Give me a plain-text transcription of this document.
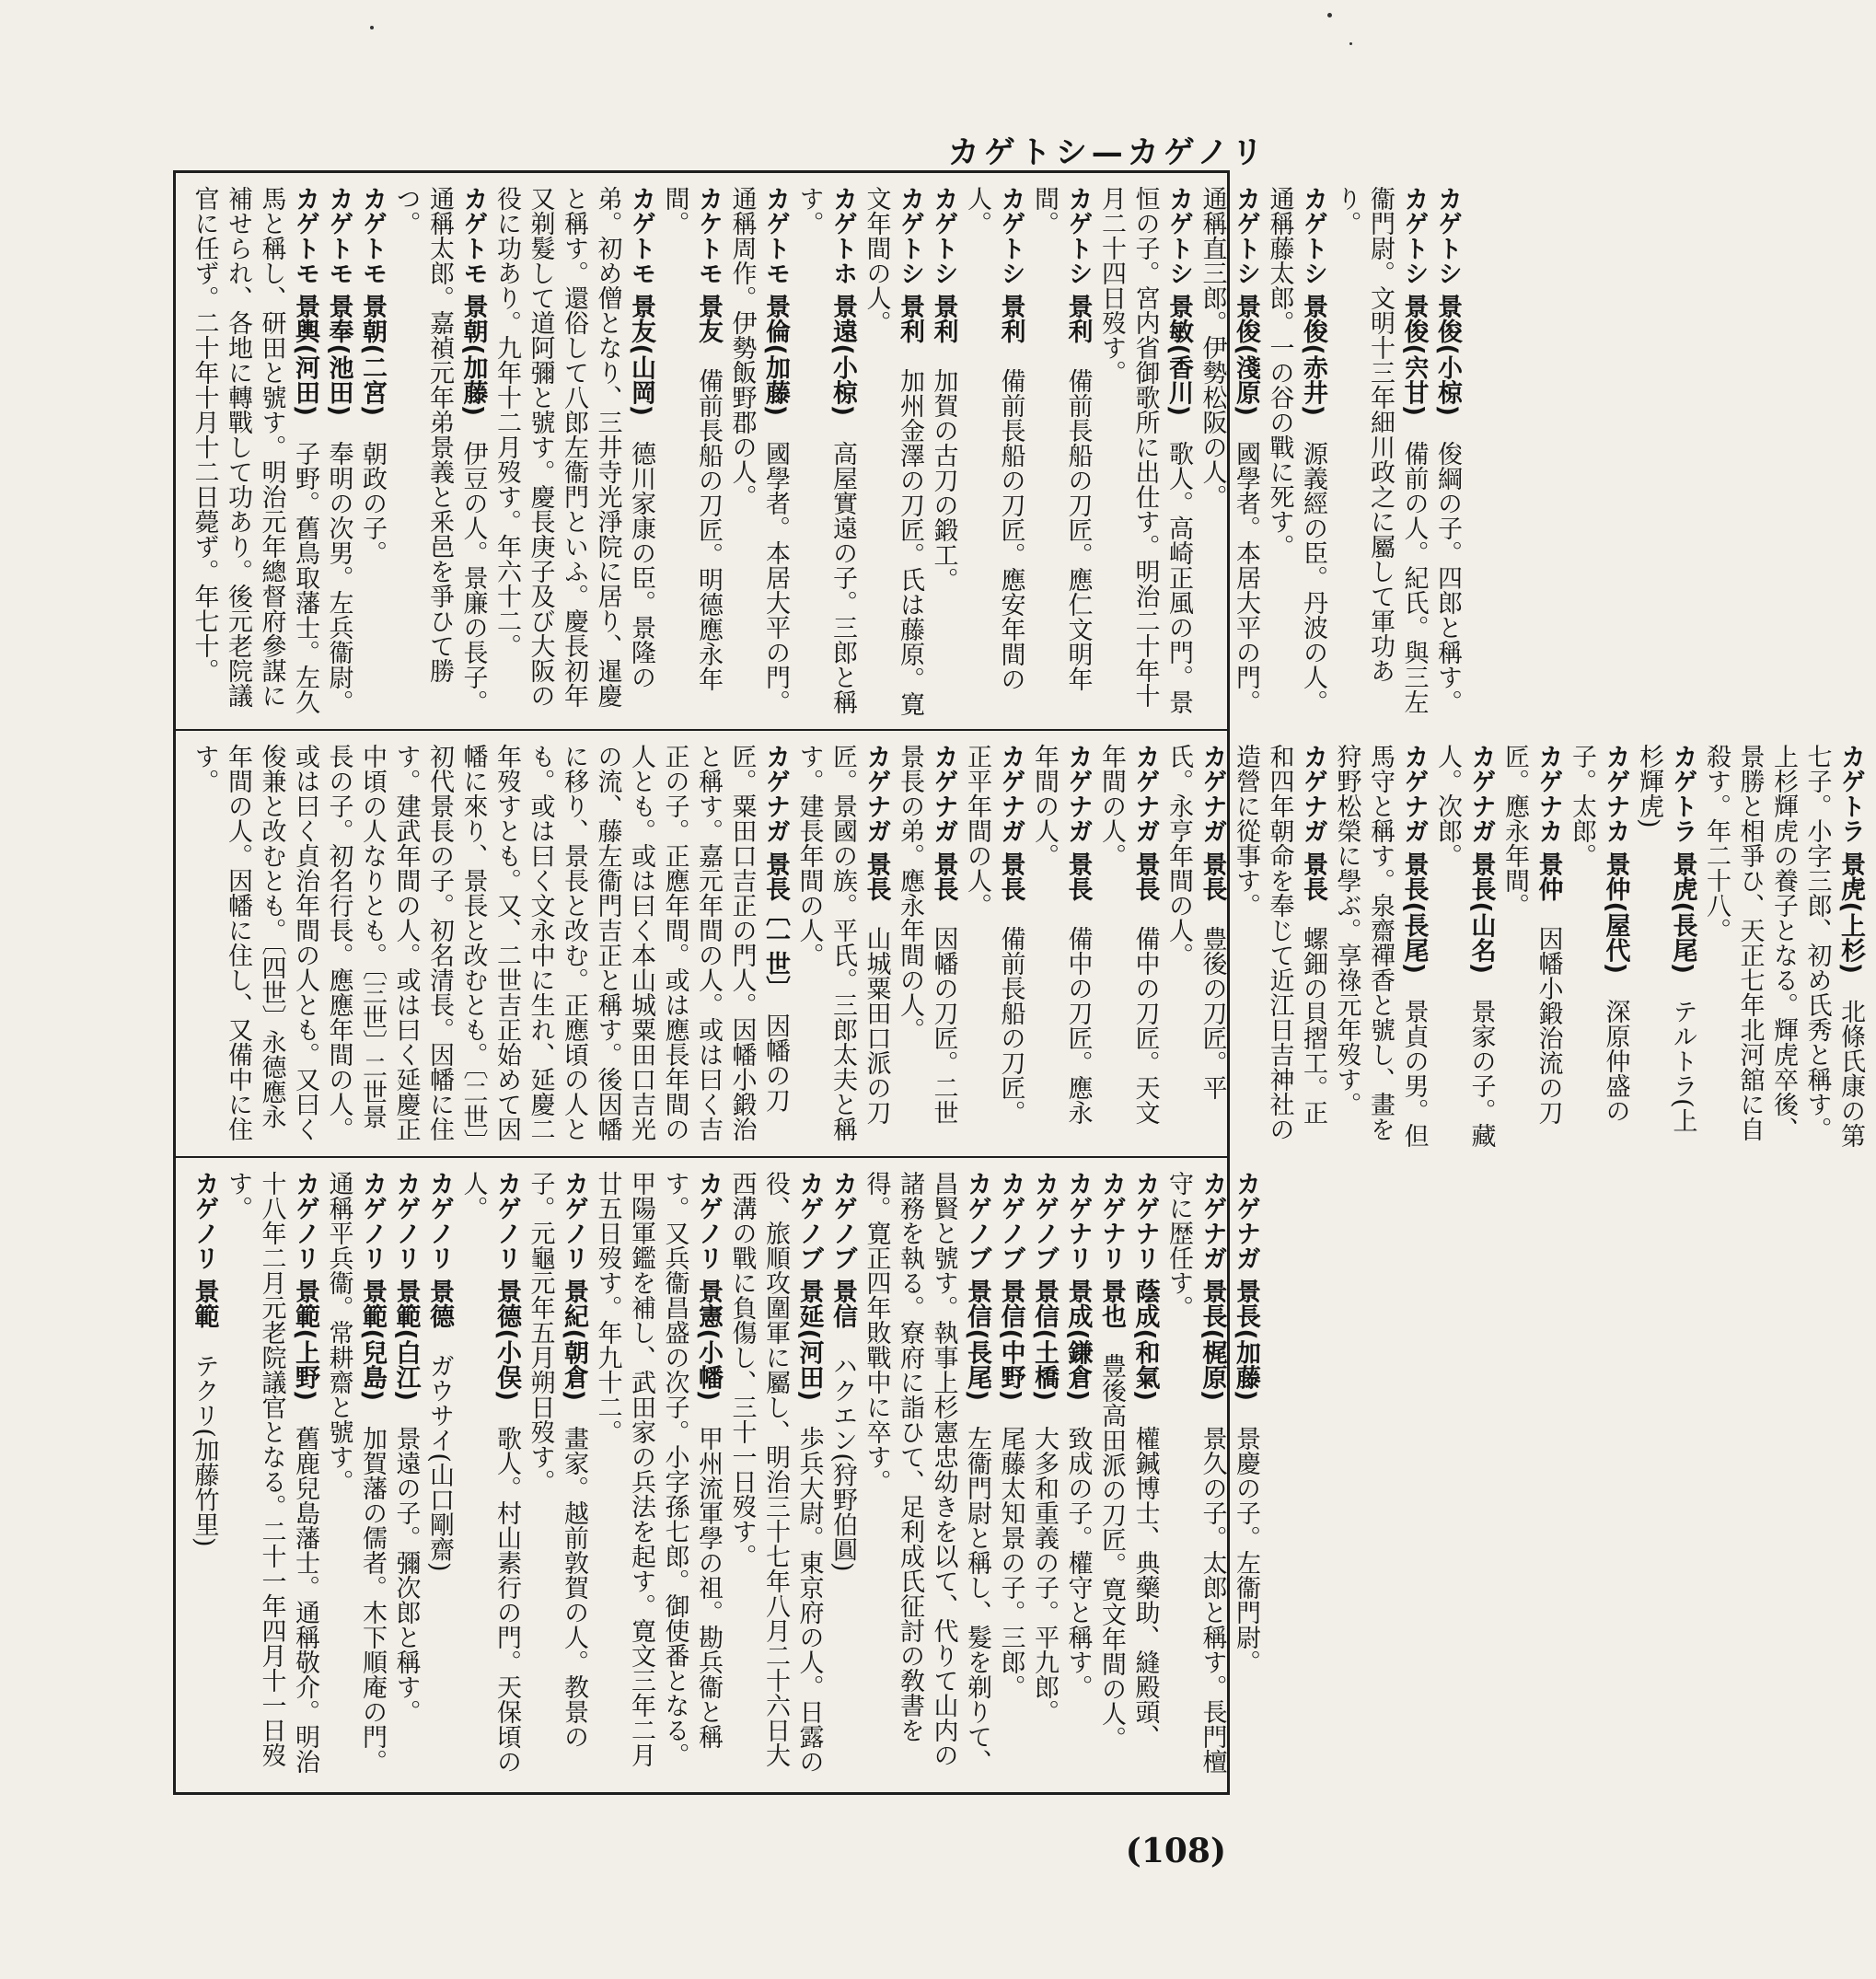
カゲトシ—カゲノリ
カゲトシ 景俊(小椋)　俊綱の子。四郎と稱す。
カゲトシ 景俊(宍甘)　備前の人。紀氏。與三左衞門尉。文明十三年細川政之に屬して軍功あり。
カゲトシ 景俊(赤井)　源義經の臣。丹波の人。通稱藤太郎。一の谷の戰に死す。
カゲトシ 景俊(淺原)　國學者。本居大平の門。通稱直三郎。伊勢松阪の人。
カゲトシ 景敏(香川)　歌人。高崎正風の門。景恒の子。宮内省御歌所に出仕す。明治二十年十月二十四日歿す。
カゲトシ 景利　備前長船の刀匠。應仁文明年間。
カゲトシ 景利　備前長船の刀匠。應安年間の人。
カゲトシ 景利　加賀の古刀の鍛工。
カゲトシ 景利　加州金澤の刀匠。氏は藤原。寛文年間の人。
カゲトホ 景遠(小椋)　高屋實遠の子。三郎と稱す。
カゲトモ 景倫(加藤)　國學者。本居大平の門。通稱周作。伊勢飯野郡の人。
カケトモ 景友　備前長船の刀匠。明德應永年間。
カゲトモ 景友(山岡)　德川家康の臣。景隆の弟。初め僧となり、三井寺光淨院に居り、暹慶と稱す。還俗して八郎左衞門といふ。慶長初年又剃髮して道阿彌と號す。慶長庚子及び大阪の役に功あり。九年十二月歿す。年六十二。
カゲトモ 景朝(加藤)　伊豆の人。景廉の長子。通稱太郎。嘉禎元年弟景義と釆邑を爭ひて勝つ。
カゲトモ 景朝(二宮)　朝政の子。
カゲトモ 景奉(池田)　奉明の次男。左兵衞尉。
カゲトモ 景輿(河田)　子野。舊鳥取藩士。左久馬と稱し、研田と號す。明治元年總督府參謀に補せられ、各地に轉戰して功あり。後元老院議官に任ず。二十年十月十二日薨ず。年七十。
カゲトラ 景虎(上杉)　北條氏康の第七子。小字三郎、初め氏秀と稱す。上杉輝虎の養子となる。輝虎卒後、景勝と相爭ひ、天正七年北河舘に自殺す。年二十八。
カゲトラ 景虎(長尾)　テルトラ(上杉輝虎)
カゲナカ 景仲(屋代)　深原仲盛の子。太郎。
カゲナカ 景仲　因幡小鍛治流の刀匠。應永年間。
カゲナガ 景長(山名)　景家の子。藏人。次郎。
カゲナガ 景長(長尾)　景貞の男。但馬守と稱す。泉齋禪香と號し、畫を狩野松榮に學ぶ。享祿元年歿す。
カゲナガ 景長　螺鈿の貝摺工。正和四年朝命を奉じて近江日吉神社の造營に從事す。
カゲナガ 景長　豊後の刀匠。平氏。永亨年間の人。
カゲナガ 景長　備中の刀匠。天文年間の人。
カゲナガ 景長　備中の刀匠。應永年間の人。
カゲナガ 景長　備前長船の刀匠。正平年間の人。
カゲナガ 景長　因幡の刀匠。二世景長の弟。應永年間の人。
カゲナガ 景長　山城粟田口派の刀匠。景國の族。平氏。三郎太夫と稱す。建長年間の人。
カゲナガ 景長〔一世〕　因幡の刀匠。粟田口吉正の門人。因幡小鍛治と稱す。嘉元年間の人。或は曰く吉正の子。正應年間。或は應長年間の人とも。或は曰く本山城粟田口吉光の流、藤左衞門吉正と稱す。後因幡に移り、景長と改む。正應頃の人とも。或は曰く文永中に生れ、延慶二年歿すとも。又、二世吉正始めて因幡に來り、景長と改むとも。〔二世〕初代景長の子。初名清長。因幡に住す。建武年間の人。或は曰く延慶正中頃の人なりとも。〔三世〕二世景長の子。初名行長。應應年間の人。或は曰く貞治年間の人とも。又曰く俊兼と改むとも。〔四世〕永德應永年間の人。因幡に住し、又備中に住す。
カゲナガ 景長(加藤)　景慶の子。左衞門尉。
カゲナガ 景長(梶原)　景久の子。太郎と稱す。長門檀守に歴任す。
カゲナリ 蔭成(和氣)　權鍼博士、典藥助、縫殿頭、
カゲナリ 景也　豊後高田派の刀匠。寛文年間の人。
カゲナリ 景成(鎌倉)　致成の子。權守と稱す。
カゲノブ 景信(土橋)　大多和重義の子。平九郎。
カゲノブ 景信(中野)　尾藤太知景の子。三郎。
カゲノブ 景信(長尾)　左衞門尉と稱し、髮を剃りて、昌賢と號す。執事上杉憲忠幼きを以て、代りて山内の諸務を執る。寮府に詣ひて、足利成氏征討の敎書を得。寛正四年敗戰中に卒す。
カゲノブ 景信　ハクエン(狩野伯圓)
カゲノブ 景延(河田)　歩兵大尉。東京府の人。日露の役、旅順攻圍軍に屬し、明治三十七年八月二十六日大西溝の戰に負傷し、三十一日歿す。
カゲノリ 景憲(小幡)　甲州流軍學の祖。勘兵衞と稱す。又兵衞昌盛の次子。小字孫七郎。御使番となる。甲陽軍鑑を補し、武田家の兵法を起す。寛文三年二月廿五日歿す。年九十二。
カゲノリ 景紀(朝倉)　畫家。越前敦賀の人。教景の子。元龜元年五月朔日歿す。
カゲノリ 景德(小俣)　歌人。村山素行の門。天保頃の人。
カゲノリ 景德　ガウサイ(山口剛齋)
カゲノリ 景範(白江)　景遠の子。彌次郎と稱す。
カゲノリ 景範(兒島)　加賀藩の儒者。木下順庵の門。通稱平兵衞。常耕齋と號す。
カゲノリ 景範(上野)　舊鹿兒島藩士。通稱敬介。明治十八年二月元老院議官となる。二十一年四月十一日歿す。
カゲノリ 景範　テクリ(加藤竹里)
(108)
